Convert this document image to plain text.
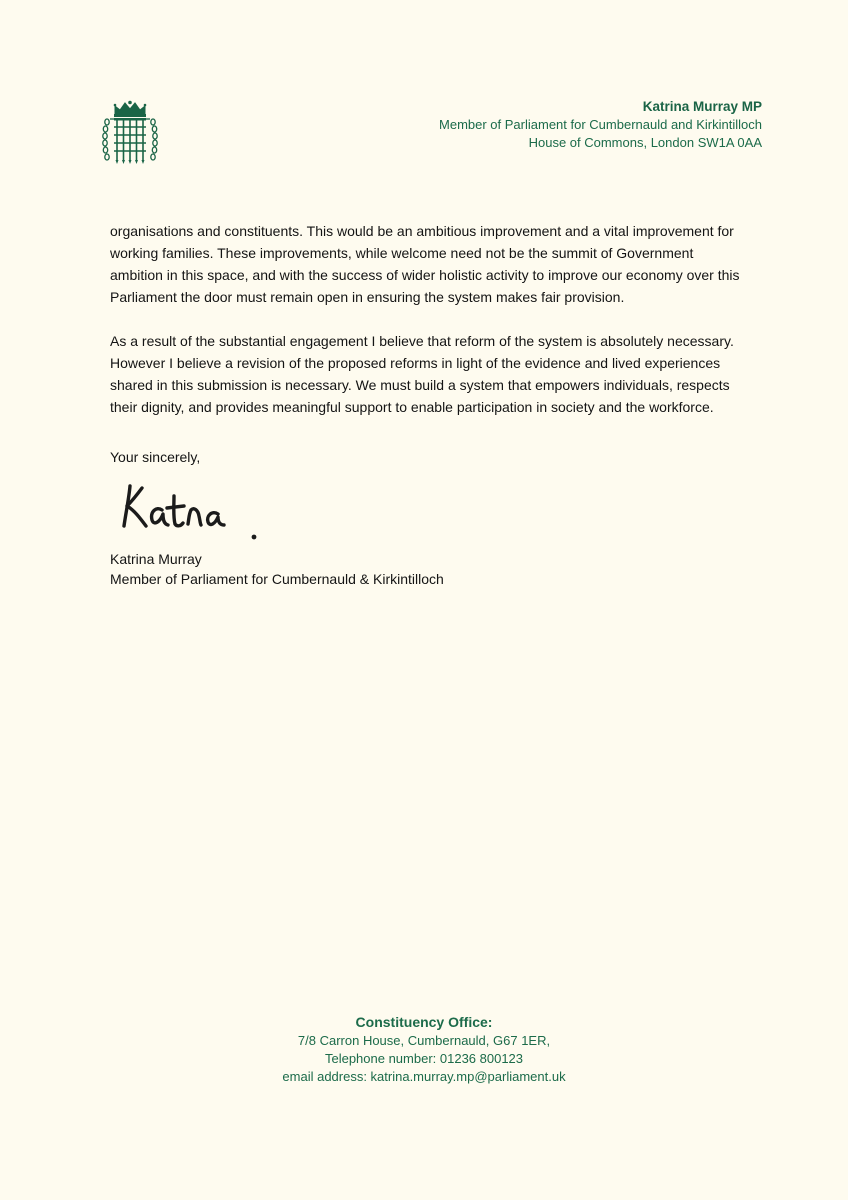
Katrina Murray MP
Member of Parliament for Cumbernauld and Kirkintilloch
House of Commons, London SW1A 0AA

organisations and constituents. This would be an ambitious improvement and a vital improvement for working families. These improvements, while welcome need not be the summit of Government ambition in this space, and with the success of wider holistic activity to improve our economy over this Parliament the door must remain open in ensuring the system makes fair provision.

As a result of the substantial engagement I believe that reform of the system is absolutely necessary. However I believe a revision of the proposed reforms in light of the evidence and lived experiences shared in this submission is necessary. We must build a system that empowers individuals, respects their dignity, and provides meaningful support to enable participation in society and the workforce.

Your sincerely,
Katrina Murray
Member of Parliament for Cumbernauld & Kirkintilloch
Constituency Office:
7/8 Carron House, Cumbernauld, G67 1ER,
Telephone number: 01236 800123
email address: katrina.murray.mp@parliament.uk
